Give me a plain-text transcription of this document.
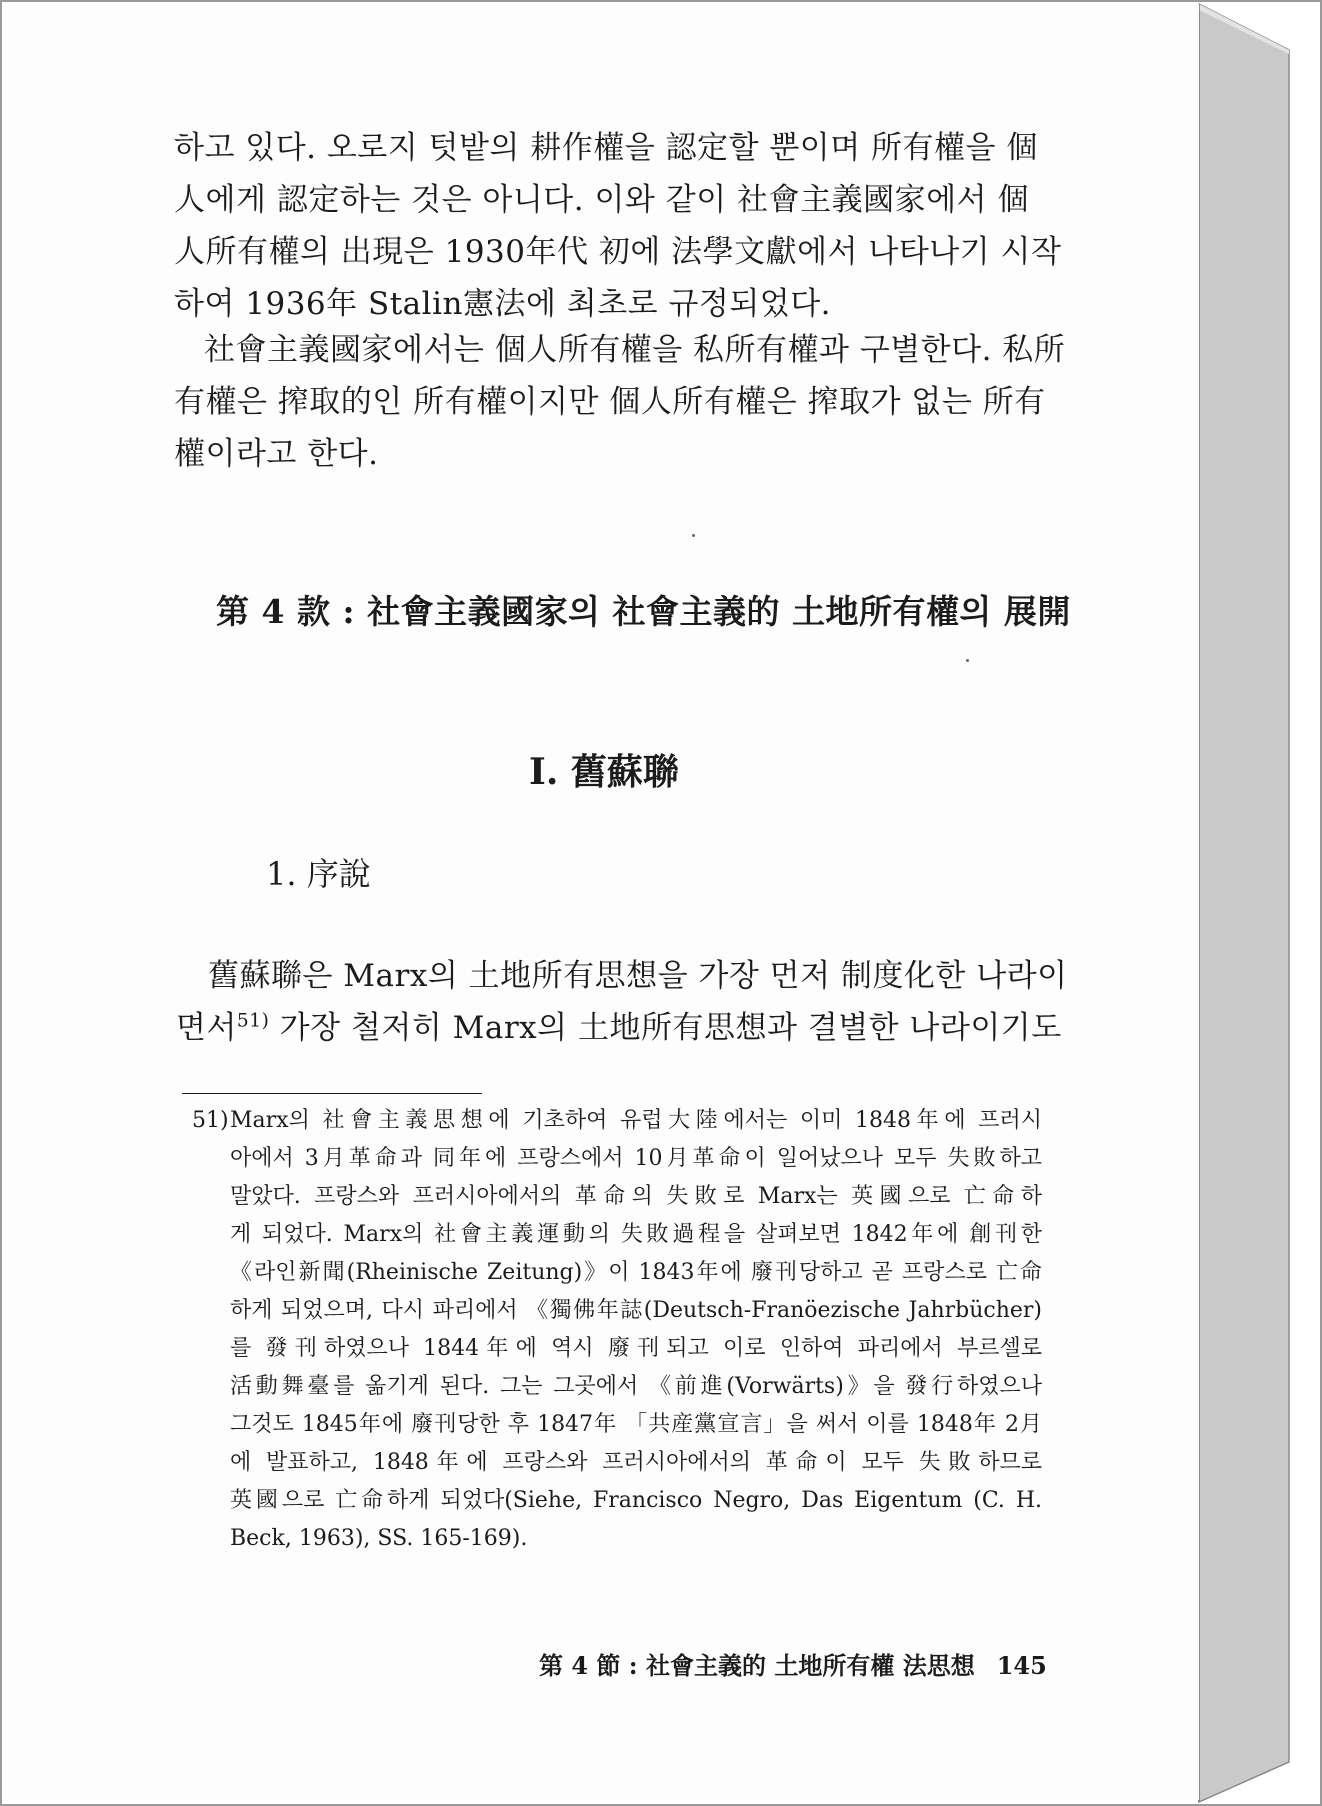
하고 있다. 오로지 텃밭의 耕作權을 認定할 뿐이며 所有權을 個
人에게 認定하는 것은 아니다. 이와 같이 社會主義國家에서 個
人所有權의 出現은 1930年代 初에 法學文獻에서 나타나기 시작
하여 1936年 Stalin憲法에 최초로 규정되었다.
社會主義國家에서는 個人所有權을 私所有權과 구별한다. 私所
有權은 搾取的인 所有權이지만 個人所有權은 搾取가 없는 所有
權이라고 한다.
第 4 款 : 社會主義國家의 社會主義的 土地所有權의 展開
Ⅰ. 舊蘇聯
1. 序說
舊蘇聯은 Marx의 土地所有思想을 가장 먼저 制度化한 나라이
면서$^{51)}$ 가장 철저히 Marx의 土地所有思想과 결별한 나라이기도
51) Marx의 社會主義思想에 기초하여 유럽大陸에서는 이미 1848年에 프러시
아에서 3月革命과 同年에 프랑스에서 10月革命이 일어났으나 모두 失敗하고
말았다. 프랑스와 프러시아에서의 革命의 失敗로 Marx는 英國으로 亡命하
게 되었다. Marx의 社會主義運動의 失敗過程을 살펴보면 1842年에 創刊한
《라인新聞(Rheinische Zeitung)》이 1843年에 廢刊당하고 곧 프랑스로 亡命
하게 되었으며, 다시 파리에서 《獨佛年誌(Deutsch-Franöezische Jahrbücher)
를 發刊하였으나 1844年에 역시 廢刊되고 이로 인하여 파리에서 부르셀로
活動舞臺를 옮기게 된다. 그는 그곳에서 《前進(Vorwärts)》을 發行하였으나
그것도 1845年에 廢刊당한 후 1847年 「共産黨宣言」을 써서 이를 1848年 2月
에 발표하고, 1848年에 프랑스와 프러시아에서의 革命이 모두 失敗하므로
英國으로 亡命하게 되었다(Siehe, Francisco Negro, Das Eigentum (C. H.
Beck, 1963), SS. 165-169).
第 4 節 : 社會主義的 土地所有權 法思想 145
